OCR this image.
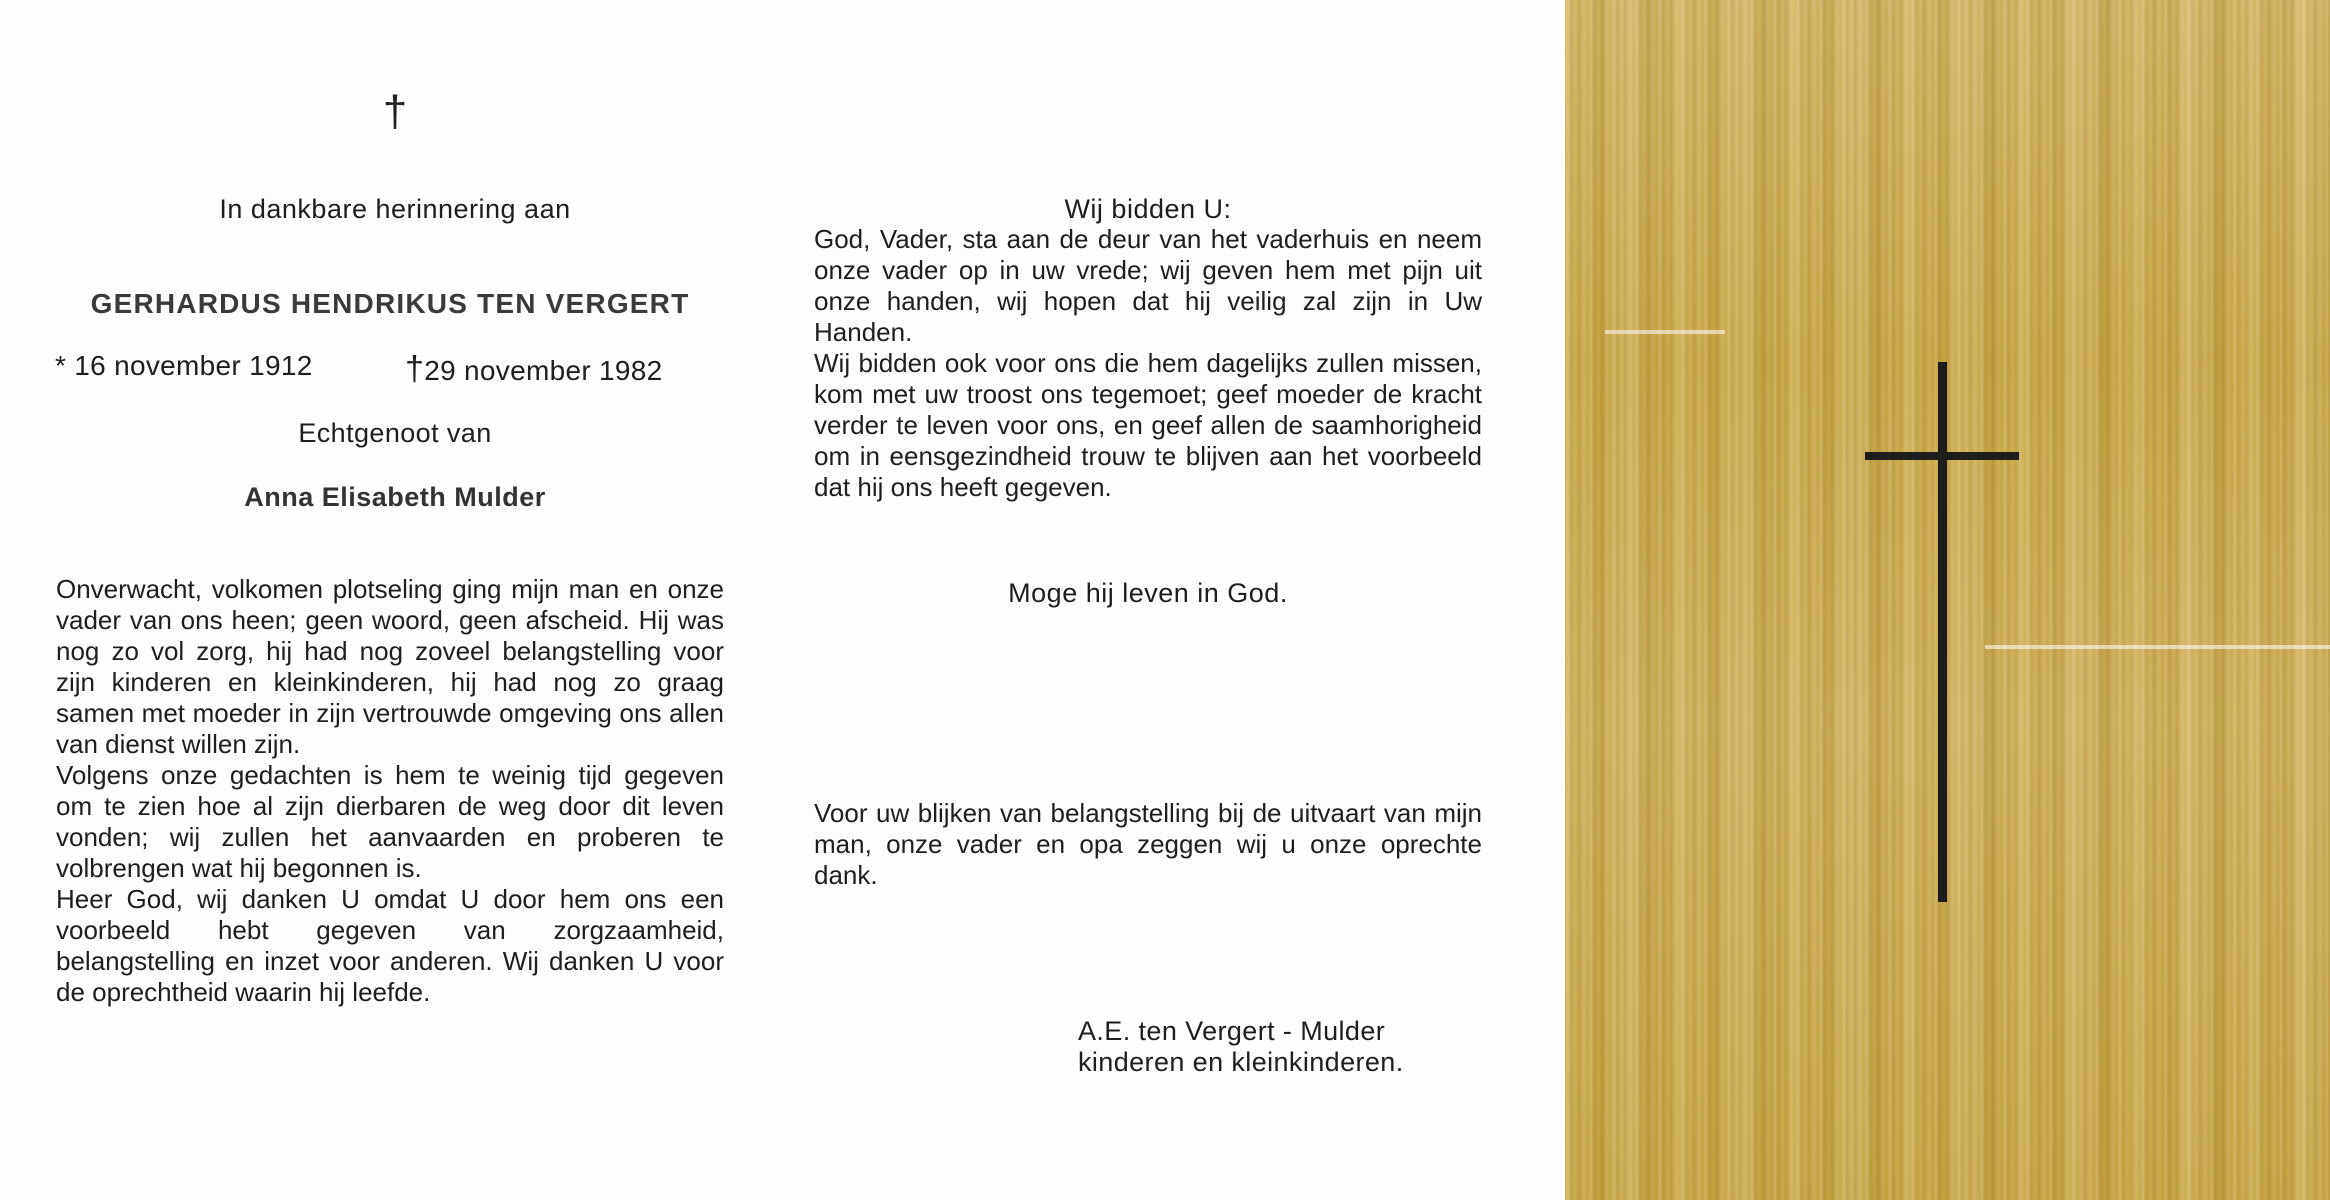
†
In dankbare herinnering aan
GERHARDUS HENDRIKUS TEN VERGERT
* 16 november 1912	†29 november 1982
Echtgenoot van
Anna Elisabeth Mulder

Onverwacht, volkomen plotseling ging mijn man en onze vader van ons heen; geen woord, geen afscheid. Hij was nog zo vol zorg, hij had nog zoveel belangstelling voor zijn kinderen en kleinkinderen, hij had nog zo graag samen met moeder in zijn vertrouwde omgeving ons allen van dienst willen zijn.

Volgens onze gedachten is hem te weinig tijd gegeven om te zien hoe al zijn dierbaren de weg door dit leven vonden; wij zullen het aanvaarden en proberen te volbrengen wat hij begonnen is.

Heer God, wij danken U omdat U door hem ons een voorbeeld hebt gegeven van zorgzaamheid, belangstelling en inzet voor anderen. Wij danken U voor de oprechtheid waarin hij leefde.

Wij bidden U:

God, Vader, sta aan de deur van het vaderhuis en neem onze vader op in uw vrede; wij geven hem met pijn uit onze handen, wij hopen dat hij veilig zal zijn in Uw Handen.

Wij bidden ook voor ons die hem dagelijks zullen missen, kom met uw troost ons tegemoet; geef moeder de kracht verder te leven voor ons, en geef allen de saamhorigheid om in eensgezindheid trouw te blijven aan het voorbeeld dat hij ons heeft gegeven.

Moge hij leven in God.

Voor uw blijken van belangstelling bij de uitvaart van mijn man, onze vader en opa zeggen wij u onze oprechte dank.

A.E. ten Vergert - Mulder
kinderen en kleinkinderen.
